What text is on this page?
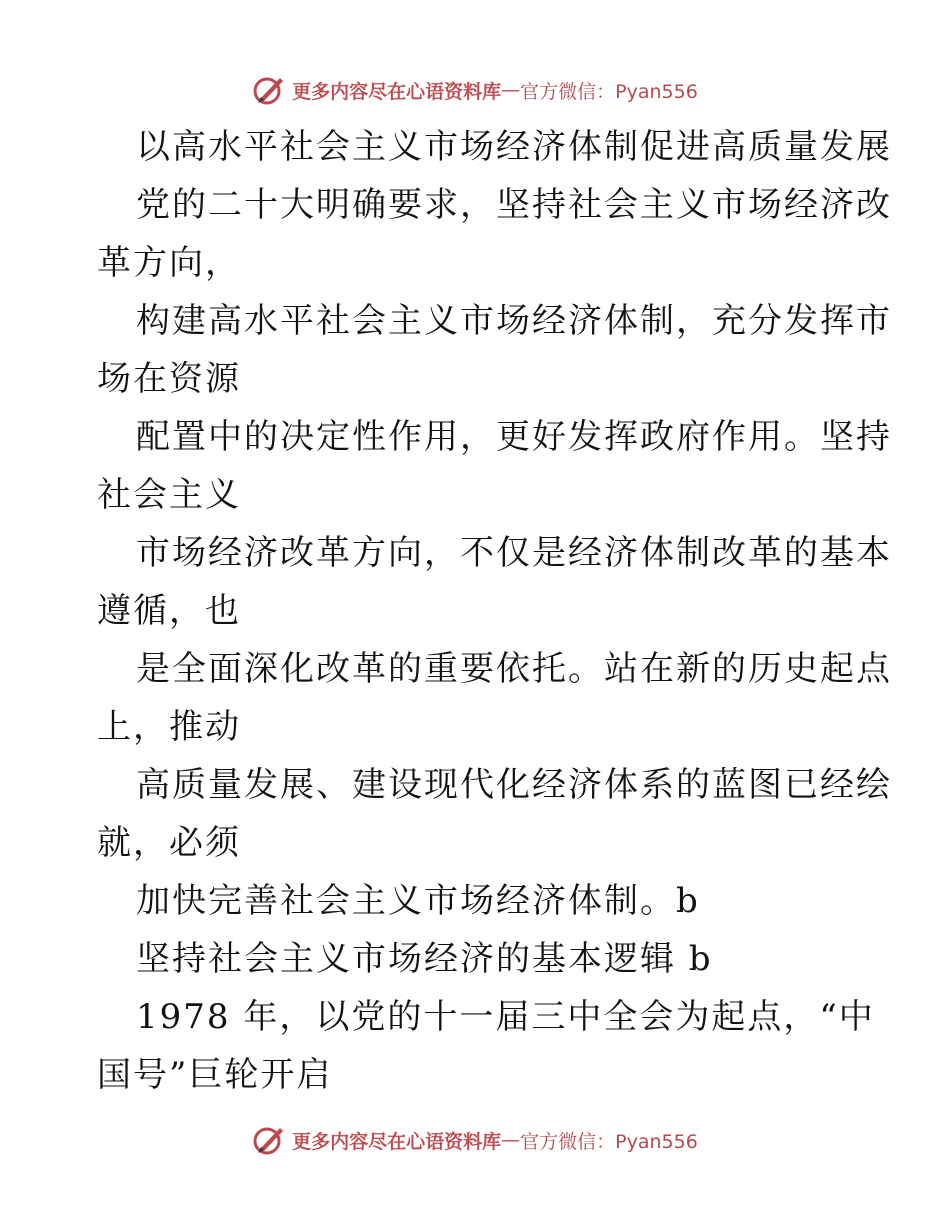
更多内容尽在心语资料库 — 官方微信：Pyan556
以高水平社会主义市场经济体制促进高质量发展
党的二十大明确要求，坚持社会主义市场经济改
革方向，
构建高水平社会主义市场经济体制，充分发挥市
场在资源
配置中的决定性作用，更好发挥政府作用。坚持
社会主义
市场经济改革方向，不仅是经济体制改革的基本
遵循，也
是全面深化改革的重要依托。站在新的历史起点
上，推动
高质量发展、建设现代化经济体系的蓝图已经绘
就，必须
加快完善社会主义市场经济体制。b
坚持社会主义市场经济的基本逻辑 b
1978 年，以党的十一届三中全会为起点，“中
国号”巨轮开启
更多内容尽在心语资料库 — 官方微信：Pyan556
